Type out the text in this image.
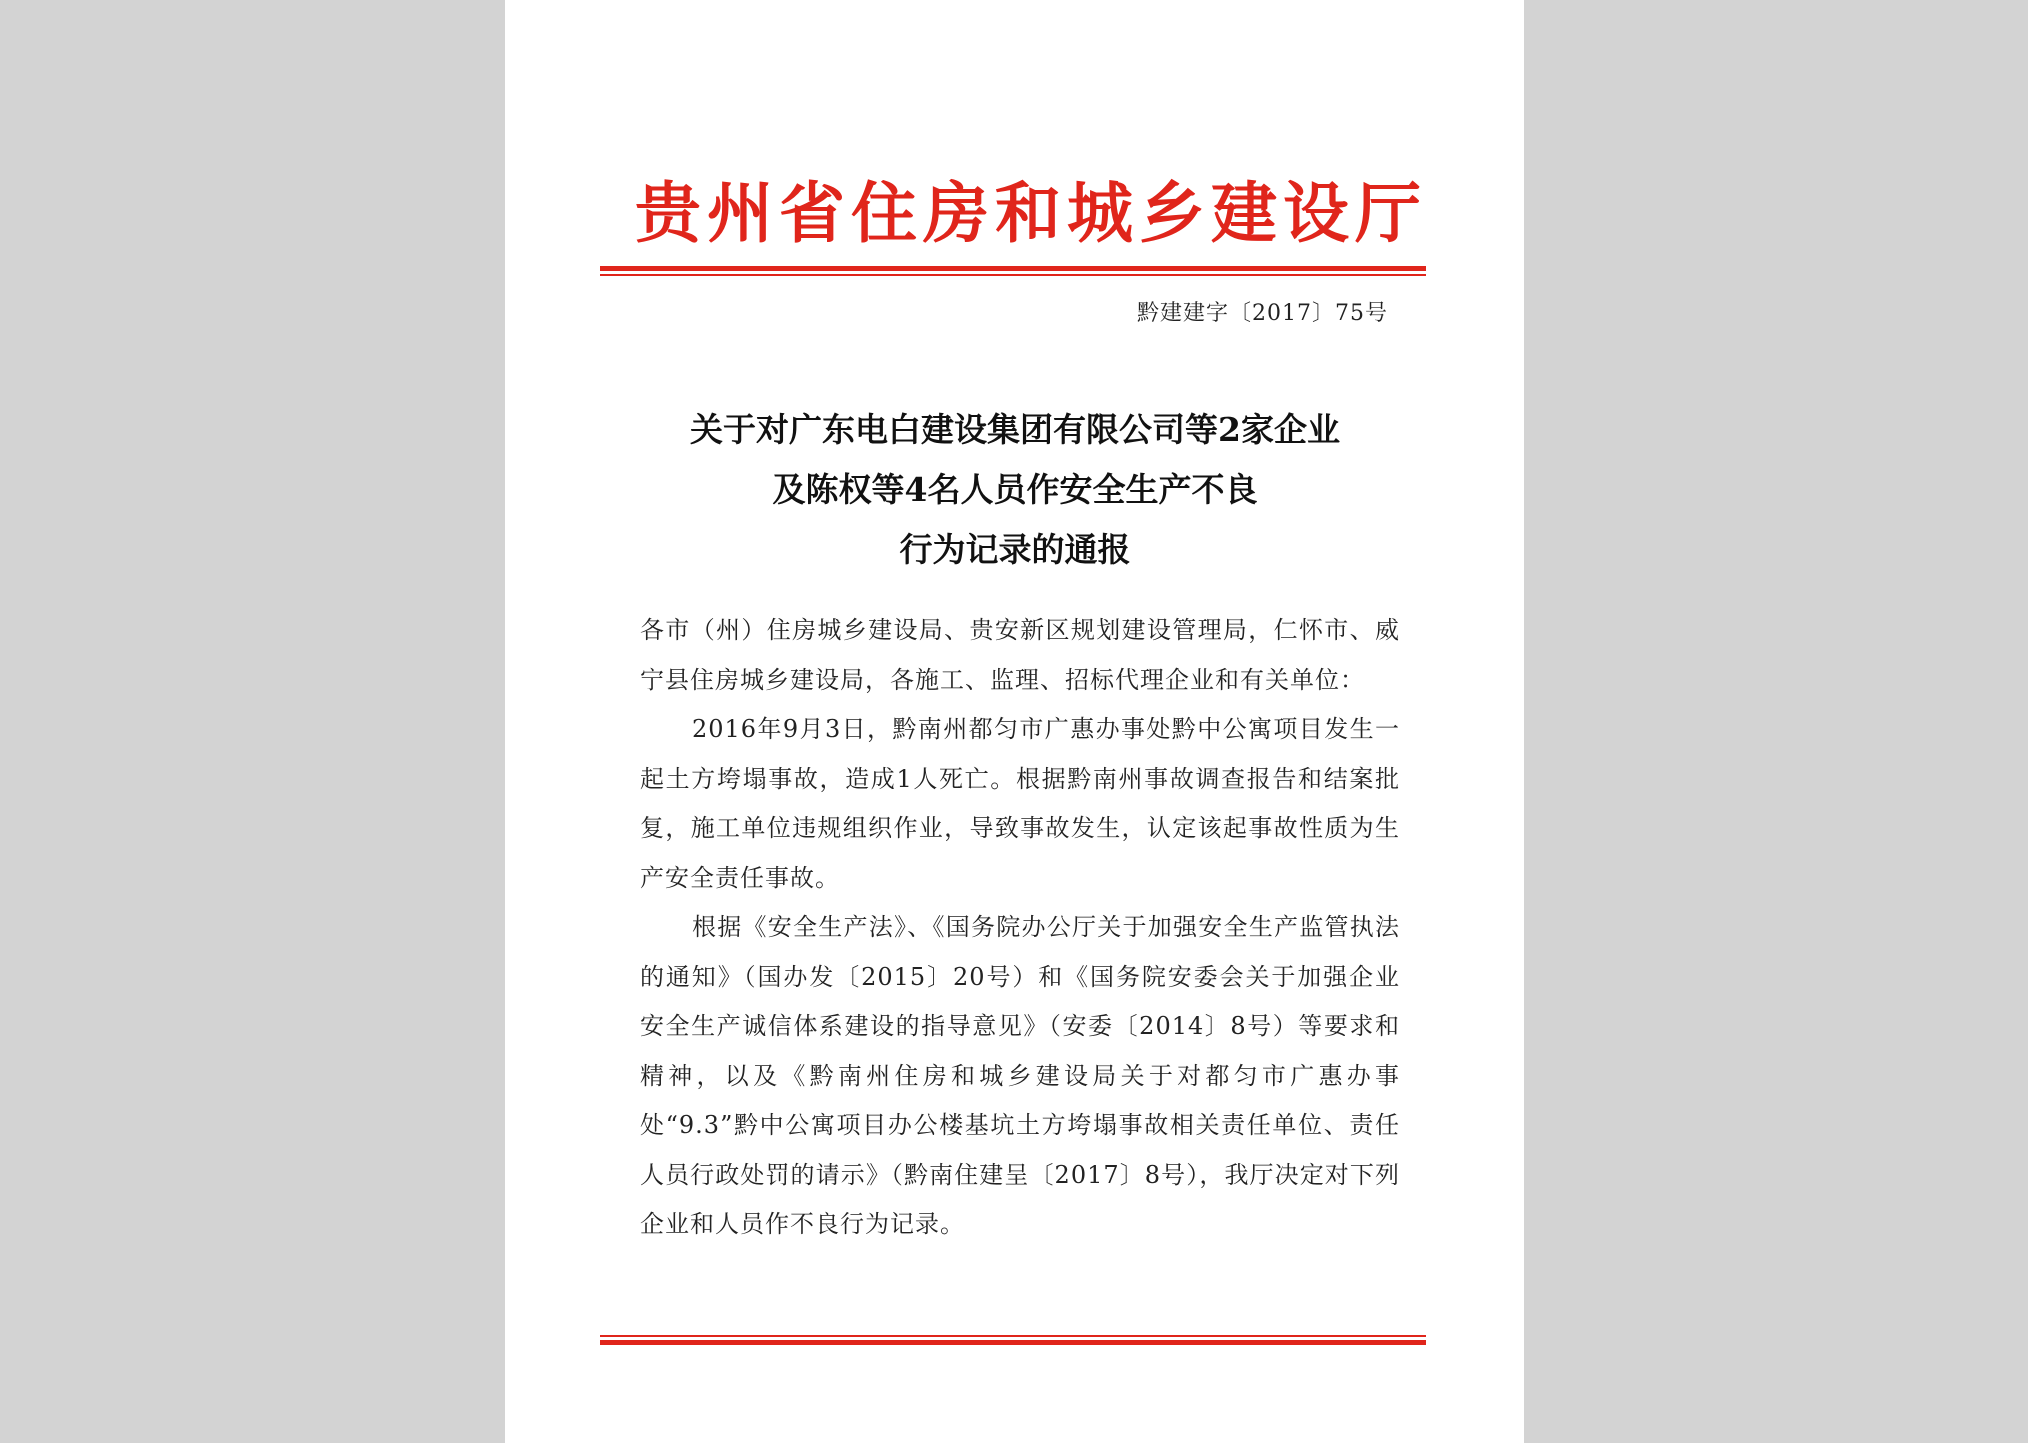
贵州省住房和城乡建设厅
黔建建字〔2017〕75号
关于对广东电白建设集团有限公司等2家企业
及陈权等4名人员作安全生产不良
行为记录的通报

各市（州）住房城乡建设局、贵安新区规划建设管理局，仁怀市、威宁县住房城乡建设局，各施工、监理、招标代理企业和有关单位：

2016年9月3日，黔南州都匀市广惠办事处黔中公寓项目发生一起土方垮塌事故，造成1人死亡。根据黔南州事故调查报告和结案批复，施工单位违规组织作业，导致事故发生，认定该起事故性质为生产安全责任事故。

根据《安全生产法》、《国务院办公厅关于加强安全生产监管执法的通知》（国办发〔2015〕20号）和《国务院安委会关于加强企业安全生产诚信体系建设的指导意见》（安委〔2014〕8号）等要求和精神，以及《黔南州住房和城乡建设局关于对都匀市广惠办事处“9.3”黔中公寓项目办公楼基坑土方垮塌事故相关责任单位、责任人员行政处罚的请示》（黔南住建呈〔2017〕8号），我厅决定对下列企业和人员作不良行为记录。
